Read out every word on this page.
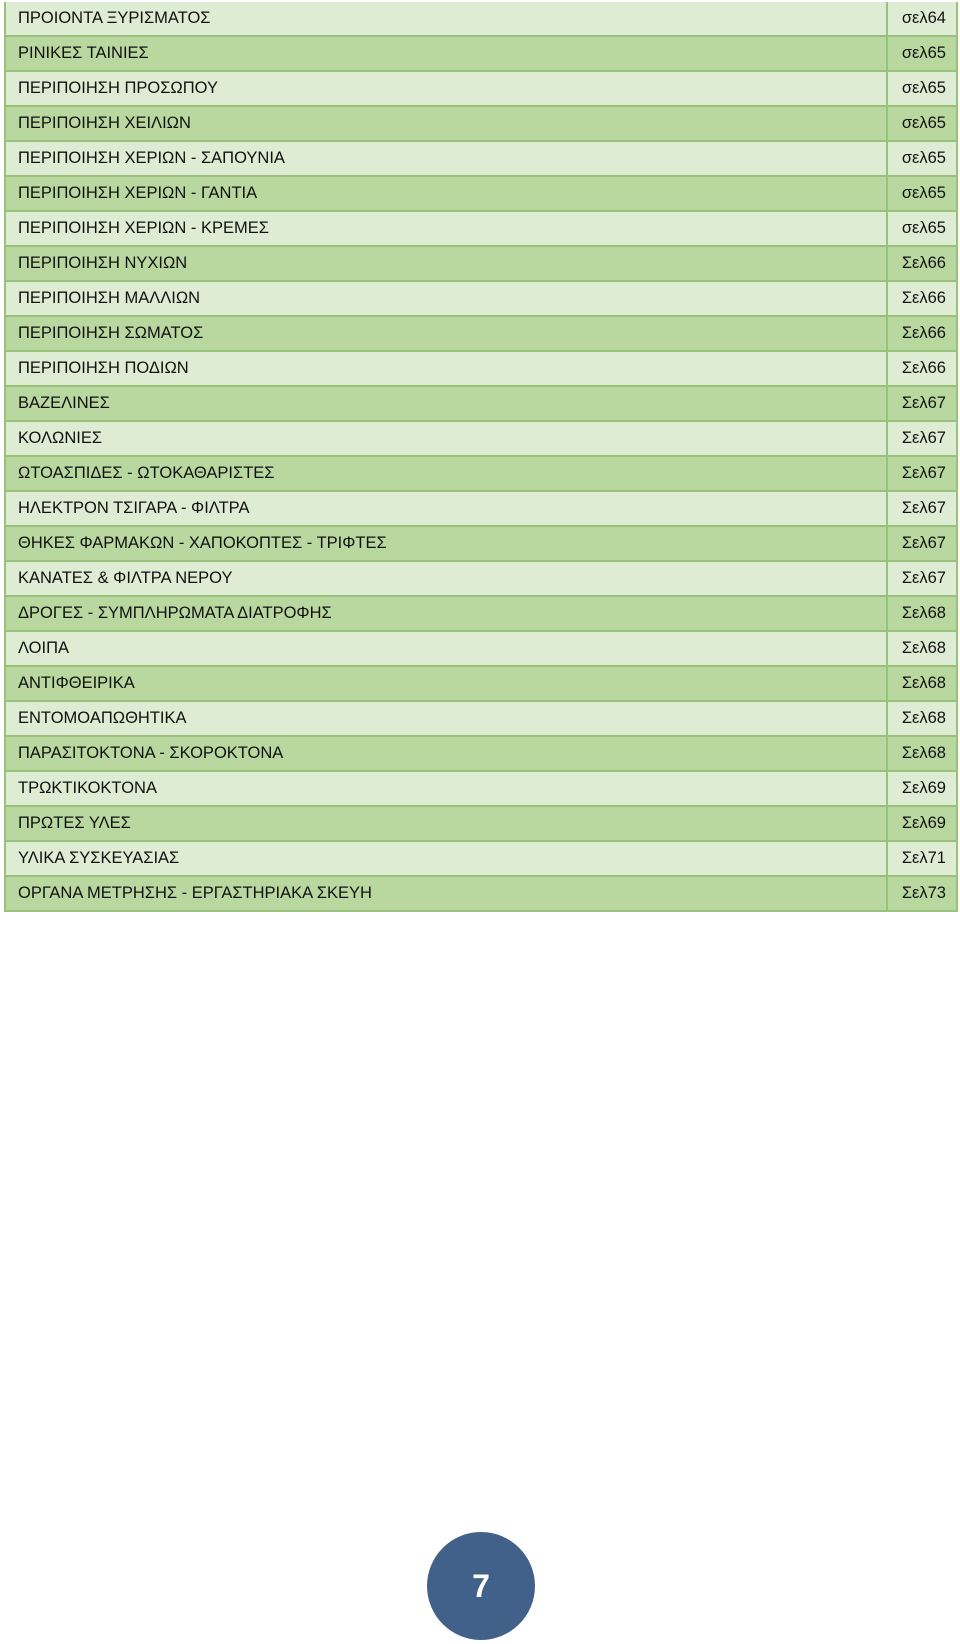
ΠΡΟΙΟΝΤΑ ΞΥΡΙΣΜΑΤΟΣ	σελ64
ΡΙΝΙΚΕΣ ΤΑΙΝΙΕΣ	σελ65
ΠΕΡΙΠΟΙΗΣΗ ΠΡΟΣΩΠΟΥ	σελ65
ΠΕΡΙΠΟΙΗΣΗ ΧΕΙΛΙΩΝ	σελ65
ΠΕΡΙΠΟΙΗΣΗ ΧΕΡΙΩΝ - ΣΑΠΟΥΝΙΑ	σελ65
ΠΕΡΙΠΟΙΗΣΗ ΧΕΡΙΩΝ - ΓΑΝΤΙΑ	σελ65
ΠΕΡΙΠΟΙΗΣΗ ΧΕΡΙΩΝ - ΚΡΕΜΕΣ	σελ65
ΠΕΡΙΠΟΙΗΣΗ ΝΥΧΙΩΝ	Σελ66
ΠΕΡΙΠΟΙΗΣΗ ΜΑΛΛΙΩΝ	Σελ66
ΠΕΡΙΠΟΙΗΣΗ ΣΩΜΑΤΟΣ	Σελ66
ΠΕΡΙΠΟΙΗΣΗ ΠΟΔΙΩΝ	Σελ66
ΒΑΖΕΛΙΝΕΣ	Σελ67
ΚΟΛΩΝΙΕΣ	Σελ67
ΩΤΟΑΣΠΙΔΕΣ - ΩΤΟΚΑΘΑΡΙΣΤΕΣ	Σελ67
ΗΛΕΚΤΡΟΝ ΤΣΙΓΑΡΑ - ΦΙΛΤΡΑ	Σελ67
ΘΗΚΕΣ ΦΑΡΜΑΚΩΝ - ΧΑΠΟΚΟΠΤΕΣ - ΤΡΙΦΤΕΣ	Σελ67
ΚΑΝΑΤΕΣ & ΦΙΛΤΡΑ ΝΕΡΟΥ	Σελ67
ΔΡΟΓΕΣ - ΣΥΜΠΛΗΡΩΜΑΤΑ ΔΙΑΤΡΟΦΗΣ	Σελ68
ΛΟΙΠΑ	Σελ68
ΑΝΤΙΦΘΕΙΡΙΚΑ	Σελ68
ΕΝΤΟΜΟΑΠΩΘΗΤΙΚΑ	Σελ68
ΠΑΡΑΣΙΤΟΚΤΟΝΑ - ΣΚΟΡΟΚΤΟΝΑ	Σελ68
ΤΡΩΚΤΙΚΟΚΤΟΝΑ	Σελ69
ΠΡΩΤΕΣ ΥΛΕΣ	Σελ69
ΥΛΙΚΑ ΣΥΣΚΕΥΑΣΙΑΣ	Σελ71
ΟΡΓΑΝΑ ΜΕΤΡΗΣΗΣ - ΕΡΓΑΣΤΗΡΙΑΚΑ ΣΚΕΥΗ	Σελ73
7
